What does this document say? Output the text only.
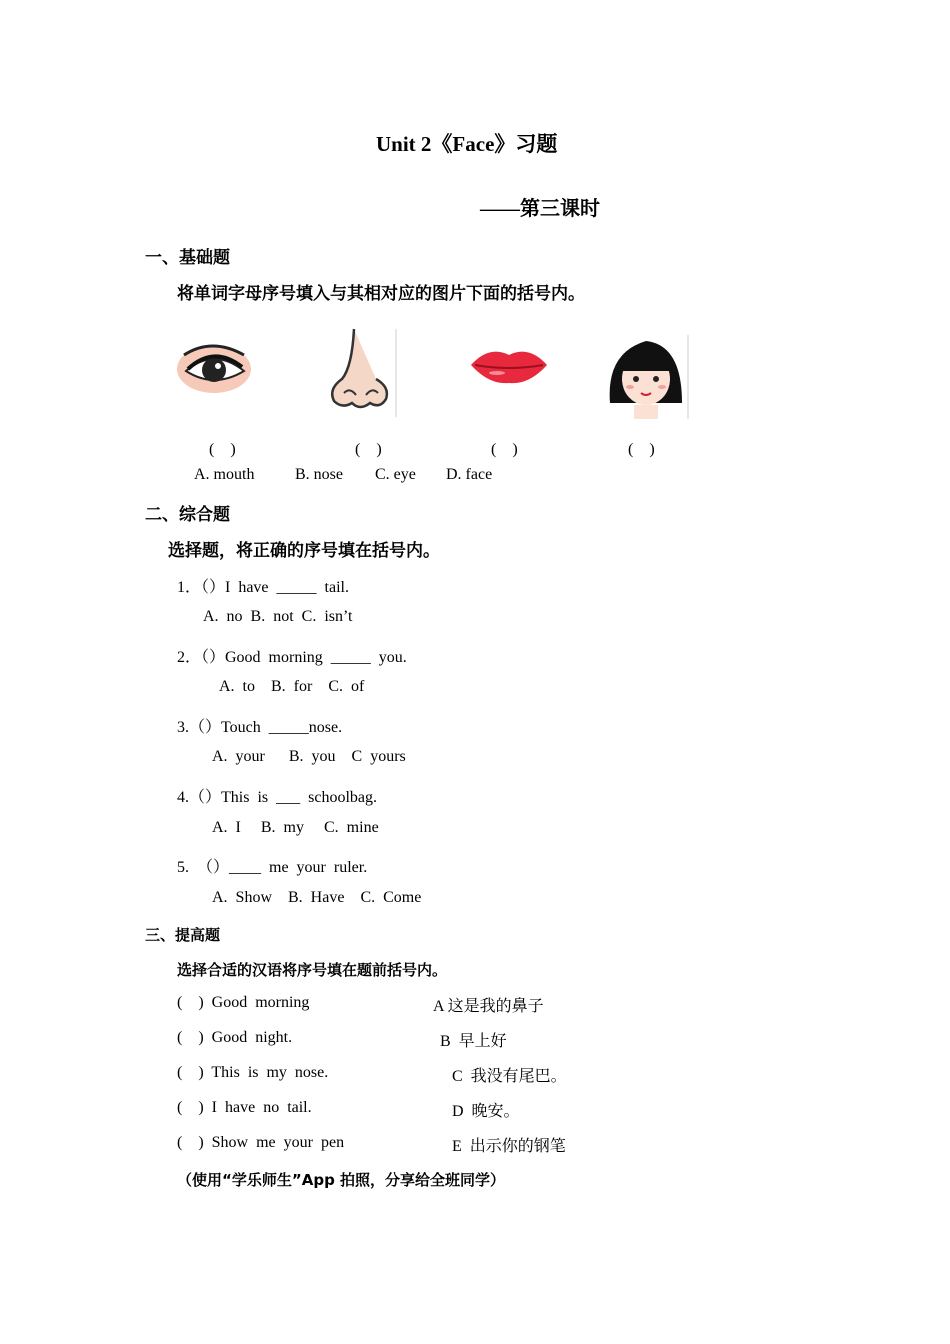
Unit 2《Face》习题
——第三课时
一、基础题
将单词字母序号填入与其相对应的图片下面的括号内。
(    )	(    )	(    )	(    )
A. mouth	B. nose C. eye D. face
二、综合题
选择题，将正确的序号填在括号内。
1．（）I  have  _____  tail.
A.  no  B.  not  C.  isn’t
2．（）Good  morning  _____  you.
A.  to    B.  for    C.  of
3.（）Touch  _____nose.
A.  your      B.  you    C  yours
4.（）This  is  ___  schoolbag.
A.  I     B.  my     C.  mine
5.  （）____  me  your  ruler.
A.  Show    B.  Have    C.  Come
三、提高题
选择合适的汉语将序号填在题前括号内。
(    )  Good  morning	A 这是我的鼻子
(    )  Good  night.	B  早上好
(    )  This  is  my  nose.	C  我没有尾巴。
(    )  I  have  no  tail.	D  晚安。
(    )  Show  me  your  pen	E  出示你的钢笔
（使用“学乐师生”App 拍照，分享给全班同学）
